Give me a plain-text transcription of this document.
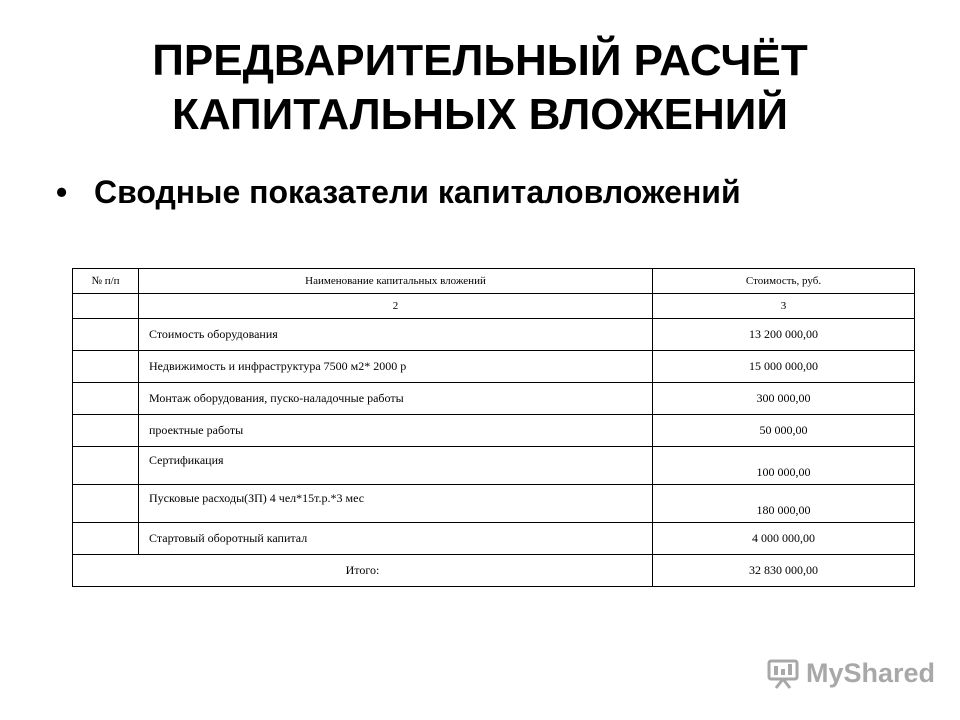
ПРЕДВАРИТЕЛЬНЫЙ РАСЧЁТ
КАПИТАЛЬНЫХ ВЛОЖЕНИЙ
• Сводные показатели капиталовложений
№ п/п	Наименование капитальных вложений	Стоимость, руб.
	2	3
	Стоимость оборудования	13 200 000,00
	Недвижимость и инфраструктура 7500 м2* 2000 р	15 000 000,00
	Монтаж оборудования, пуско-наладочные работы	300 000,00
	проектные работы	50 000,00
	Сертификация	100 000,00
	Пусковые расходы(ЗП) 4 чел*15т.р.*3 мес	180 000,00
	Стартовый оборотный капитал	4 000 000,00
Итого:		32 830 000,00
MyShared
